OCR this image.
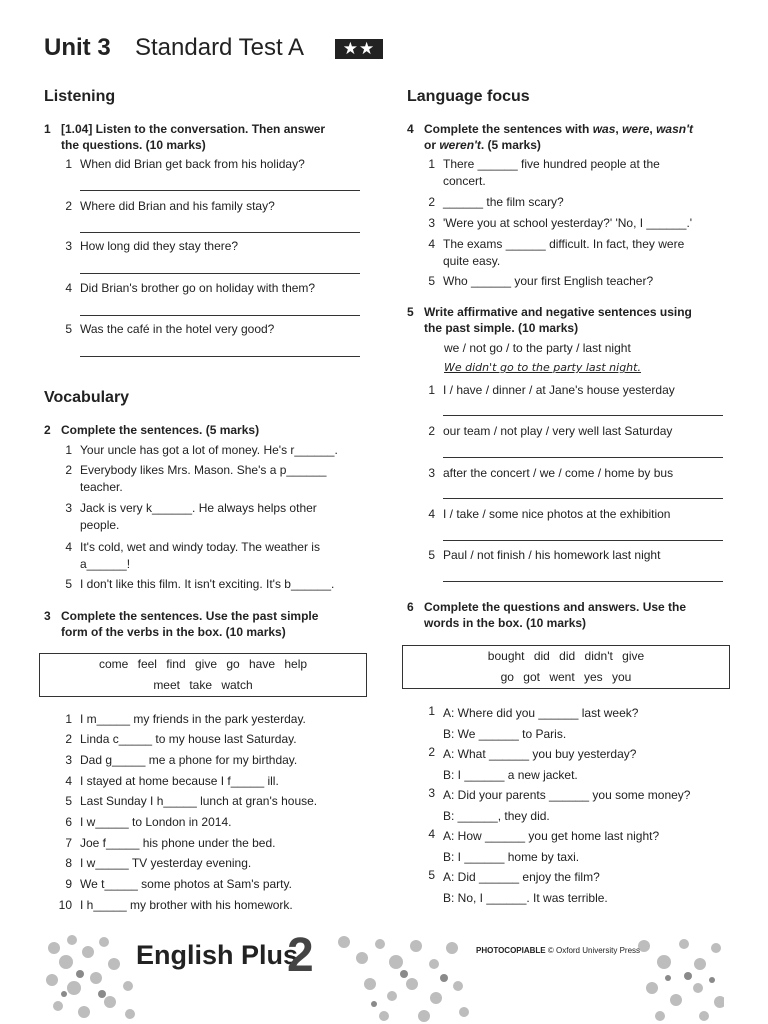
Unit 3 Standard Test A	★★
Listening
1 [1.04] Listen to the conversation. Then answer
the questions. (10 marks)
1 When did Brian get back from his holiday?
2 Where did Brian and his family stay?
3 How long did they stay there?
4 Did Brian's brother go on holiday with them?
5 Was the café in the hotel very good?
Vocabulary
2 Complete the sentences. (5 marks)
1 Your uncle has got a lot of money. He's r______.
2 Everybody likes Mrs. Mason. She's a p______
teacher.
3 Jack is very k______. He always helps other
people.
4 It's cold, wet and windy today. The weather is
a______!
5 I don't like this film. It isn't exciting. It's b______.
3 Complete the sentences. Use the past simple
form of the verbs in the box. (10 marks)
come feel find give go have help
meet take watch
1 I m_____ my friends in the park yesterday.
2 Linda c_____ to my house last Saturday.
3 Dad g_____ me a phone for my birthday.
4 I stayed at home because I f_____ ill.
5 Last Sunday I h_____ lunch at gran's house.
6 I w_____ to London in 2014.
7 Joe f_____ his phone under the bed.
8 I w_____ TV yesterday evening.
9 We t_____ some photos at Sam's party.
10 I h_____ my brother with his homework.
Language focus
4 Complete the sentences with was, were, wasn't
or weren't. (5 marks)
1 There ______ five hundred people at the
concert.
2 ______ the film scary?
3 'Were you at school yesterday?' 'No, I ______.'
4 The exams ______ difficult. In fact, they were
quite easy.
5 Who ______ your first English teacher?
5 Write affirmative and negative sentences using
the past simple. (10 marks)
we / not go / to the party / last night
We didn't go to the party last night.
1 I / have / dinner / at Jane's house yesterday
2 our team / not play / very well last Saturday
3 after the concert / we / come / home by bus
4 I / take / some nice photos at the exhibition
5 Paul / not finish / his homework last night
6 Complete the questions and answers. Use the
words in the box. (10 marks)
bought did did didn't give
go got went yes you
1 A: Where did you ______ last week?
B: We ______ to Paris.
2 A: What ______ you buy yesterday?
B: I ______ a new jacket.
3 A: Did your parents ______ you some money?
B: ______, they did.
4 A: How ______ you get home last night?
B: I ______ home by taxi.
5 A: Did ______ enjoy the film?
B: No, I ______. It was terrible.
English Plus
2	PHOTOCOPIABLE © Oxford University Press
